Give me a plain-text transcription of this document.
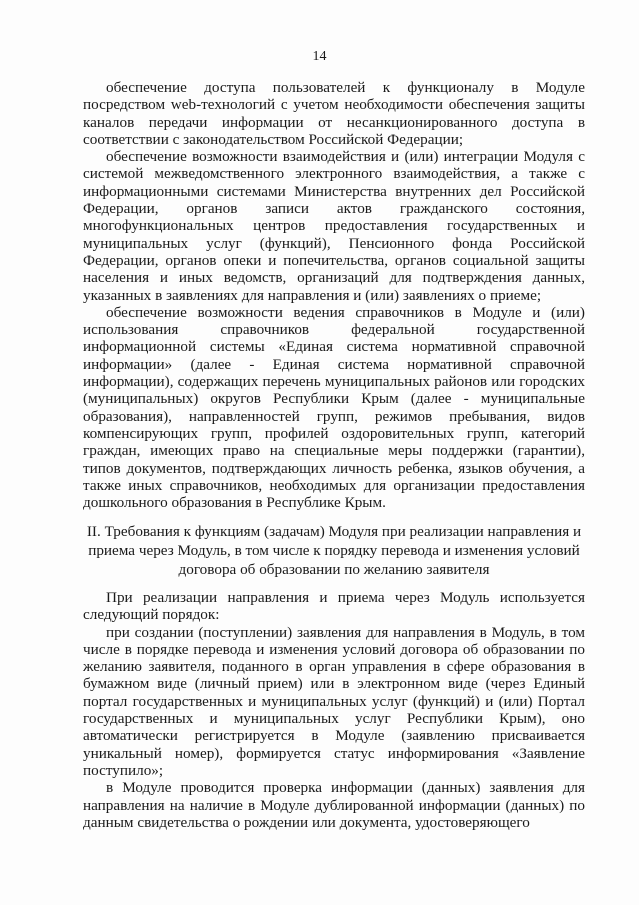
14

обеспечение доступа пользователей к функционалу в Модуле посредством web-технологий с учетом необходимости обеспечения защиты каналов передачи информации от несанкционированного доступа в соответствии с законодательством Российской Федерации;

обеспечение возможности взаимодействия и (или) интеграции Модуля с системой межведомственного электронного взаимодействия, а также с информационными системами Министерства внутренних дел Российской Федерации, органов записи актов гражданского состояния, многофункциональных центров предоставления государственных и муниципальных услуг (функций), Пенсионного фонда Российской Федерации, органов опеки и попечительства, органов социальной защиты населения и иных ведомств, организаций для подтверждения данных, указанных в заявлениях для направления и (или) заявлениях о приеме;

обеспечение возможности ведения справочников в Модуле и (или) использования справочников федеральной государственной информационной системы «Единая система нормативной справочной информации» (далее - Единая система нормативной справочной информации), содержащих перечень муниципальных районов или городских (муниципальных) округов Республики Крым (далее - муниципальные образования), направленностей групп, режимов пребывания, видов компенсирующих групп, профилей оздоровительных групп, категорий граждан, имеющих право на специальные меры поддержки (гарантии), типов документов, подтверждающих личность ребенка, языков обучения, а также иных справочников, необходимых для организации предоставления дошкольного образования в Республике Крым.

II. Требования к функциям (задачам) Модуля при реализации направления и приема через Модуль, в том числе к порядку перевода и изменения условий договора об образовании по желанию заявителя

При реализации направления и приема через Модуль используется следующий порядок:

при создании (поступлении) заявления для направления в Модуль, в том числе в порядке перевода и изменения условий договора об образовании по желанию заявителя, поданного в орган управления в сфере образования в бумажном виде (личный прием) или в электронном виде (через Единый портал государственных и муниципальных услуг (функций) и (или) Портал государственных и муниципальных услуг Республики Крым), оно автоматически регистрируется в Модуле (заявлению присваивается уникальный номер), формируется статус информирования «Заявление поступило»;

в Модуле проводится проверка информации (данных) заявления для направления на наличие в Модуле дублированной информации (данных) по данным свидетельства о рождении или документа, удостоверяющего
